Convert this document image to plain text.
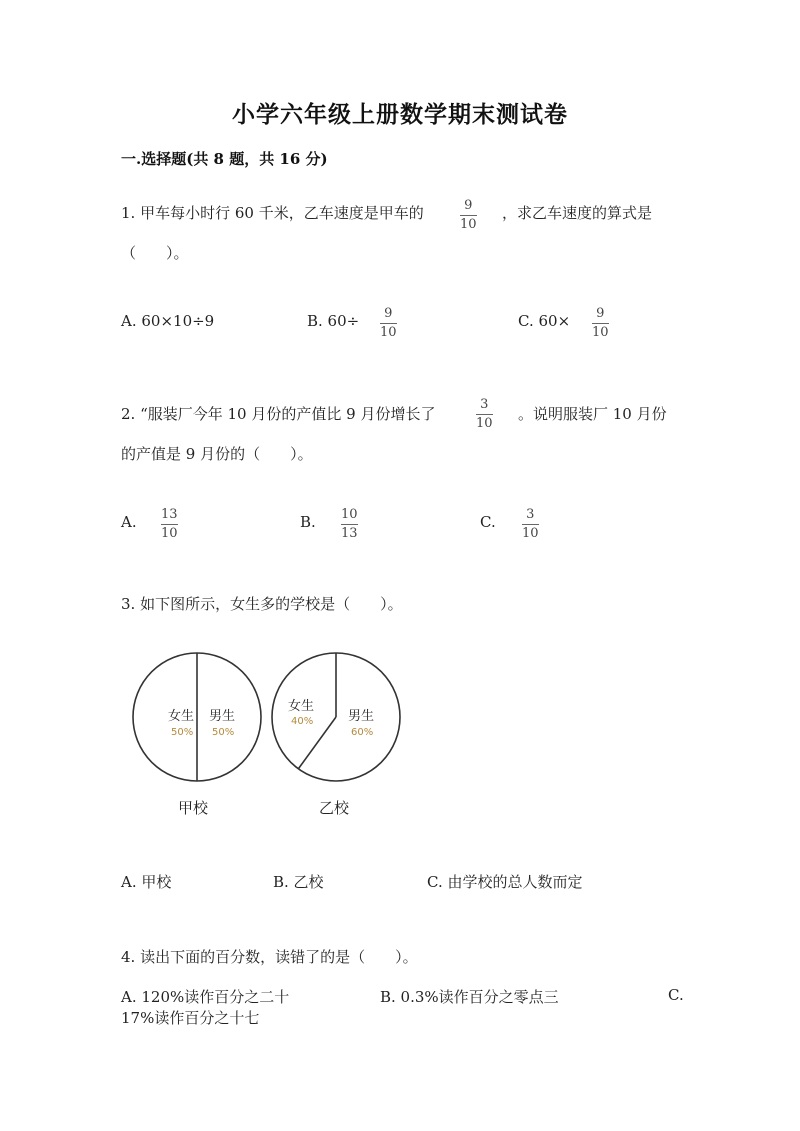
小学六年级上册数学期末测试卷
一.选择题(共 8 题，共 16 分)
1. 甲车每小时行 60 千米，乙车速度是甲车的	9
10
，求乙车速度的算式是
（　　）。
A. 60×10÷9	B. 60÷ 9
10
C. 60× 9
10
2. “服装厂今年 10 月份的产值比 9 月份增长了
3
10
。说明服装厂 10 月份
的产值是 9 月份的（　　）。
A. 13
10
B. 10
13
C. 3
10
3. 如下图所示，女生多的学校是（　　）。
女生
50%
男生
50%
甲校
女生
40%	男生
60%
乙校
A. 甲校	B. 乙校	C. 由学校的总人数而定
4. 读出下面的百分数，读错了的是（　　）。
A. 120%读作百分之二十	B. 0.3%读作百分之零点三	C.
17%读作百分之十七
